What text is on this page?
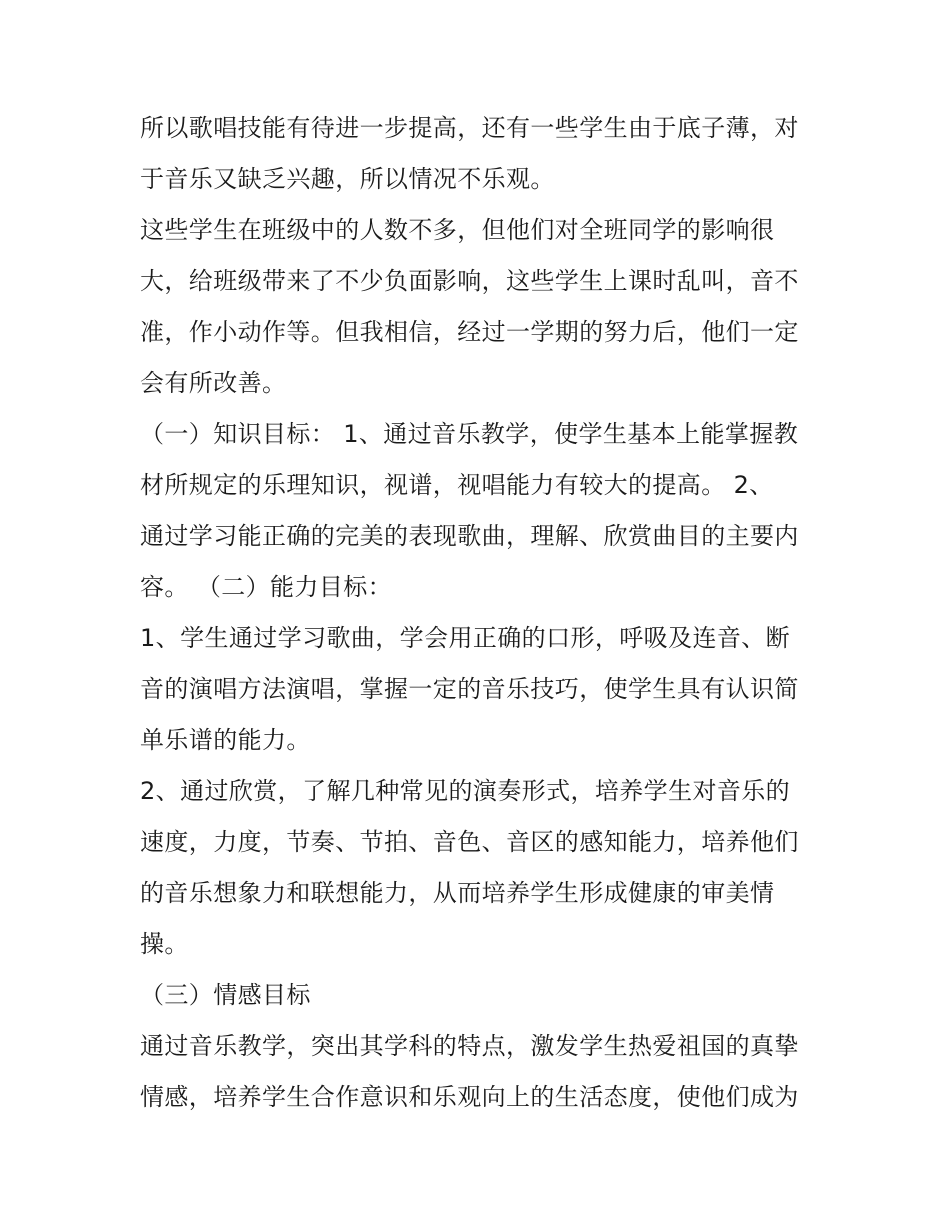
所以歌唱技能有待进一步提高，还有一些学生由于底子薄，对
于音乐又缺乏兴趣，所以情况不乐观。
这些学生在班级中的人数不多，但他们对全班同学的影响很
大，给班级带来了不少负面影响，这些学生上课时乱叫，音不
准，作小动作等。但我相信，经过一学期的努力后，他们一定
会有所改善。
（一）知识目标： 1、通过音乐教学，使学生基本上能掌握教
材所规定的乐理知识，视谱，视唱能力有较大的提高。 2、
通过学习能正确的完美的表现歌曲，理解、欣赏曲目的主要内
容。 （二）能力目标：
1、学生通过学习歌曲，学会用正确的口形，呼吸及连音、断
音的演唱方法演唱，掌握一定的音乐技巧，使学生具有认识简
单乐谱的能力。
2、通过欣赏，了解几种常见的演奏形式，培养学生对音乐的
速度，力度，节奏、节拍、音色、音区的感知能力，培养他们
的音乐想象力和联想能力，从而培养学生形成健康的审美情
操。
（三）情感目标
通过音乐教学，突出其学科的特点，激发学生热爱祖国的真挚
情感，培养学生合作意识和乐观向上的生活态度，使他们成为
